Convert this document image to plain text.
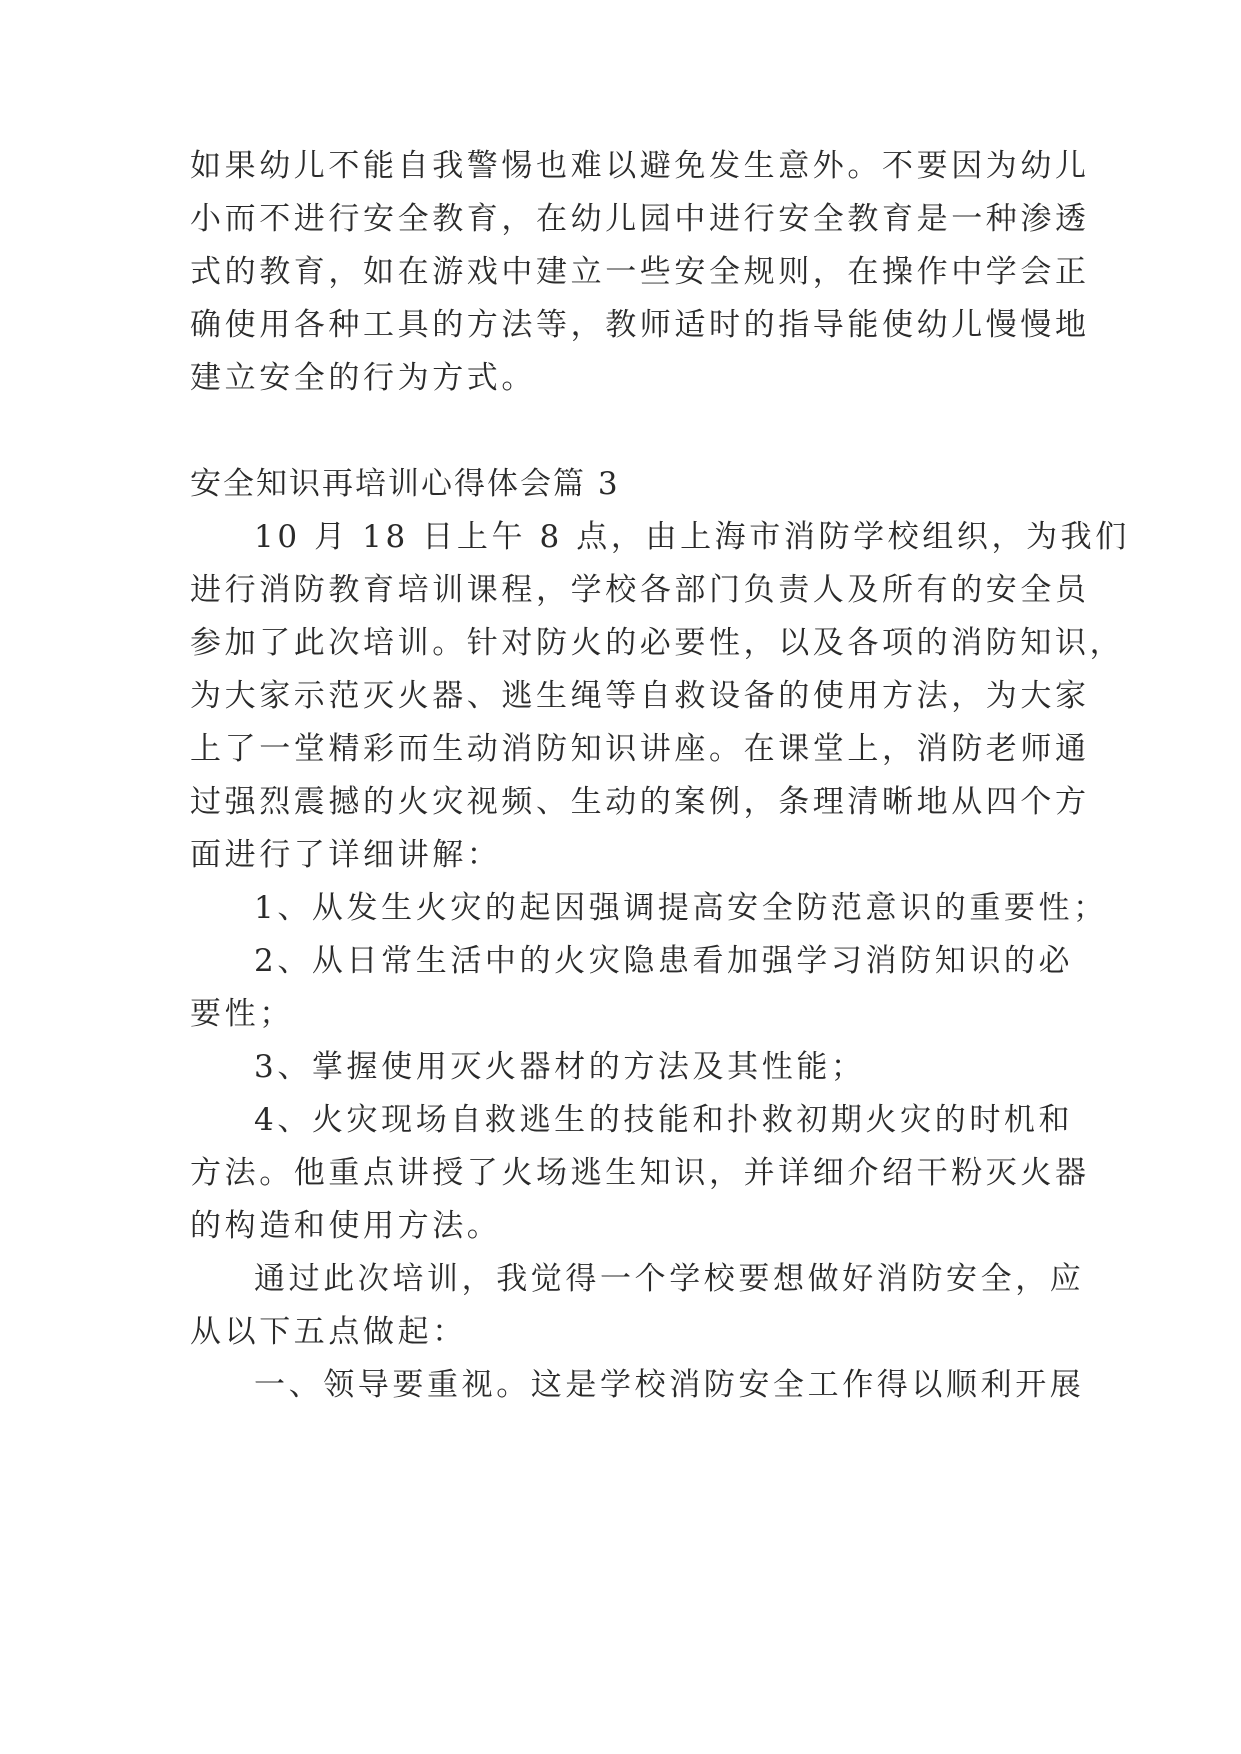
如果幼儿不能自我警惕也难以避免发生意外。不要因为幼儿
小而不进行安全教育，在幼儿园中进行安全教育是一种渗透
式的教育，如在游戏中建立一些安全规则，在操作中学会正
确使用各种工具的方法等，教师适时的指导能使幼儿慢慢地
建立安全的行为方式。
安全知识再培训心得体会篇 3
10 月 18 日上午 8 点，由上海市消防学校组织，为我们
进行消防教育培训课程，学校各部门负责人及所有的安全员
参加了此次培训。针对防火的必要性，以及各项的消防知识，
为大家示范灭火器、逃生绳等自救设备的使用方法，为大家
上了一堂精彩而生动消防知识讲座。在课堂上，消防老师通
过强烈震撼的火灾视频、生动的案例，条理清晰地从四个方
面进行了详细讲解：
1、从发生火灾的起因强调提高安全防范意识的重要性；
2、从日常生活中的火灾隐患看加强学习消防知识的必
要性；
3、掌握使用灭火器材的方法及其性能；
4、火灾现场自救逃生的技能和扑救初期火灾的时机和
方法。他重点讲授了火场逃生知识，并详细介绍干粉灭火器
的构造和使用方法。
通过此次培训，我觉得一个学校要想做好消防安全，应
从以下五点做起：
一、领导要重视。这是学校消防安全工作得以顺利开展
